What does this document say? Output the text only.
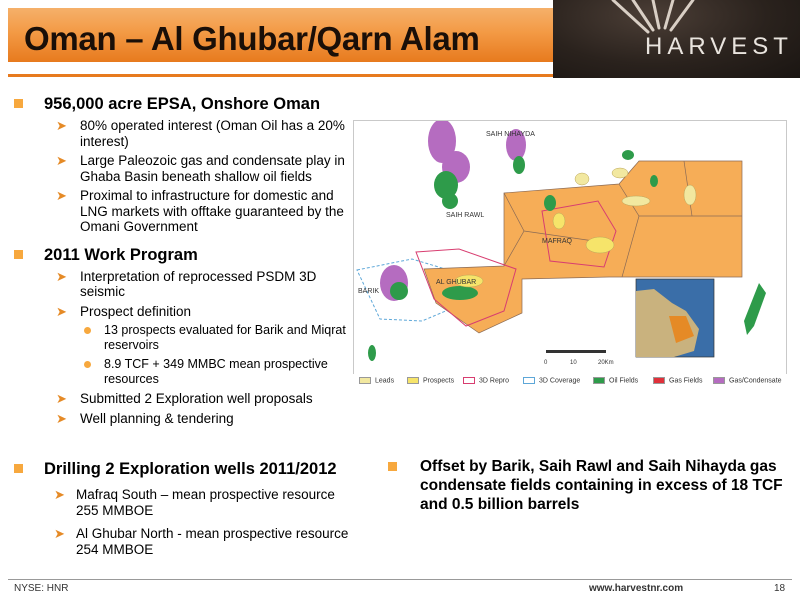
Oman – Al Ghubar/Qarn Alam	HARVEST
956,000 acre EPSA, Onshore Oman
➤ 80% operated interest (Oman Oil has a 20% interest)
➤ Large Paleozoic gas and condensate play in Ghaba Basin beneath shallow oil fields
➤ Proximal to infrastructure for domestic and LNG markets with offtake guaranteed by the Omani Government
2011 Work Program
➤ Interpretation of reprocessed PSDM 3D seismic
➤ Prospect definition
13 prospects evaluated for Barik and Miqrat reservoirs
8.9 TCF + 349 MMBC mean prospective resources
➤ Submitted 2 Exploration well proposals
➤ Well planning & tendering
Drilling 2 Exploration wells 2011/2012
➤ Mafraq South – mean prospective resource 255 MMBOE
➤ Al Ghubar North - mean prospective resource 254 MMBOE
Offset by Barik, Saih Rawl and Saih Nihayda gas condensate fields containing in excess of 18 TCF and 0.5 billion barrels
SAIH NIHAYDA
SAIH RAWL
MAFRAQ
BARIK
AL GHUBAR
0	10	20Km
Leads	Prospects	3D Repro	3D Coverage	Oil Fields	Gas Fields	Gas/Condensate
NYSE: HNR	www.harvestnr.com	18
